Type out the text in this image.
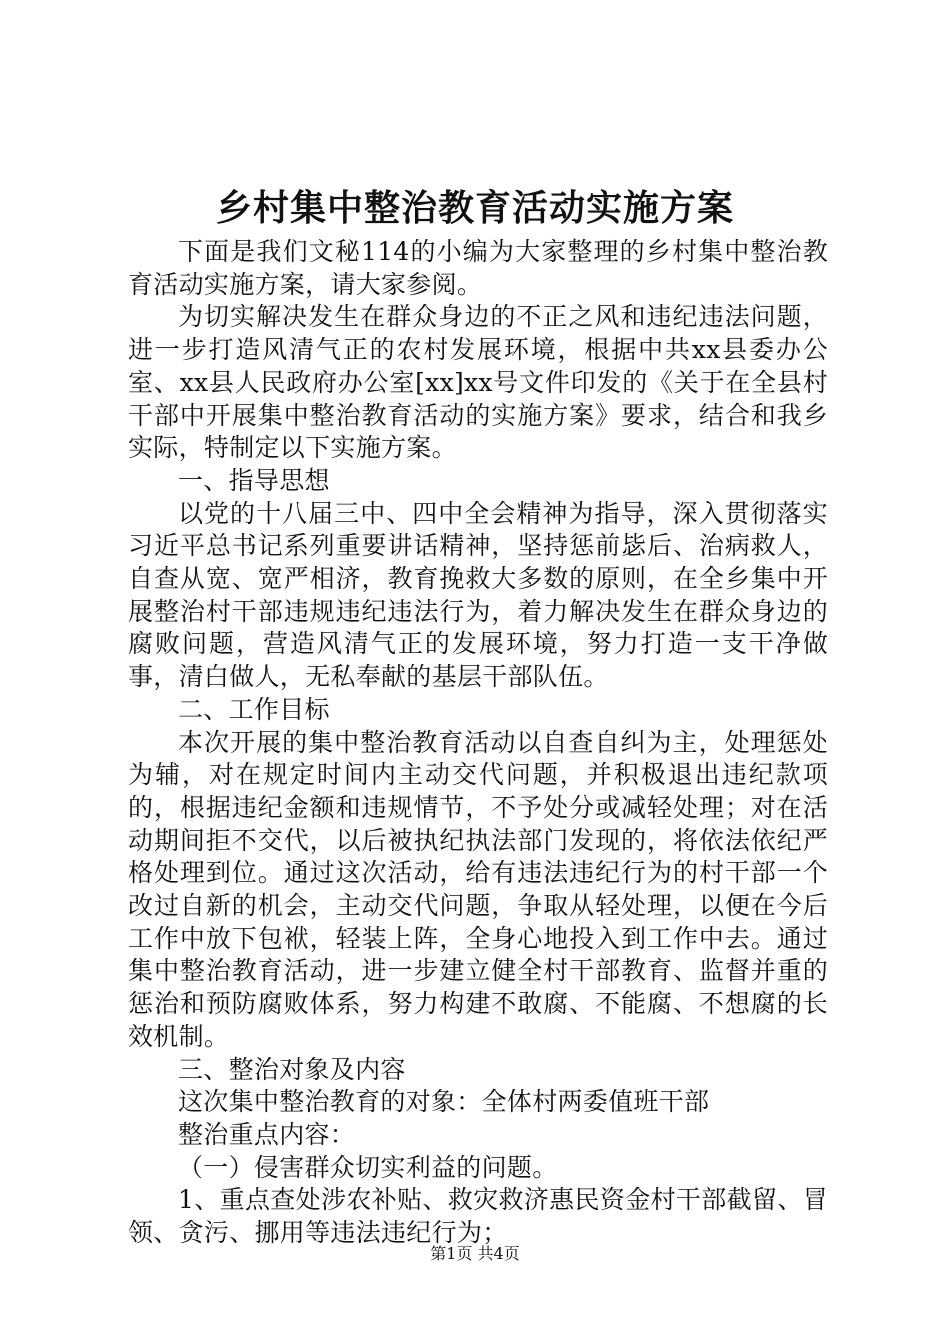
乡村集中整治教育活动实施方案

下面是我们文秘114的小编为大家整理的乡村集中整治教育活动实施方案，请大家参阅。

为切实解决发生在群众身边的不正之风和违纪违法问题，进一步打造风清气正的农村发展环境，根据中共xx县委办公室、xx县人民政府办公室[xx]xx号文件印发的《关于在全县村干部中开展集中整治教育活动的实施方案》要求，结合和我乡实际，特制定以下实施方案。

一、指导思想

以党的十八届三中、四中全会精神为指导，深入贯彻落实习近平总书记系列重要讲话精神，坚持惩前毖后、治病救人，自查从宽、宽严相济，教育挽救大多数的原则，在全乡集中开展整治村干部违规违纪违法行为，着力解决发生在群众身边的腐败问题，营造风清气正的发展环境，努力打造一支干净做事，清白做人，无私奉献的基层干部队伍。

二、工作目标

本次开展的集中整治教育活动以自查自纠为主，处理惩处为辅，对在规定时间内主动交代问题，并积极退出违纪款项的，根据违纪金额和违规情节，不予处分或减轻处理；对在活动期间拒不交代，以后被执纪执法部门发现的，将依法依纪严格处理到位。通过这次活动，给有违法违纪行为的村干部一个改过自新的机会，主动交代问题，争取从轻处理，以便在今后工作中放下包袱，轻装上阵，全身心地投入到工作中去。通过集中整治教育活动，进一步建立健全村干部教育、监督并重的惩治和预防腐败体系，努力构建不敢腐、不能腐、不想腐的长效机制。

三、整治对象及内容

这次集中整治教育的对象：全体村两委值班干部

整治重点内容：

（一）侵害群众切实利益的问题。

1、重点查处涉农补贴、救灾救济惠民资金村干部截留、冒领、贪污、挪用等违法违纪行为；

第1页 共4页
